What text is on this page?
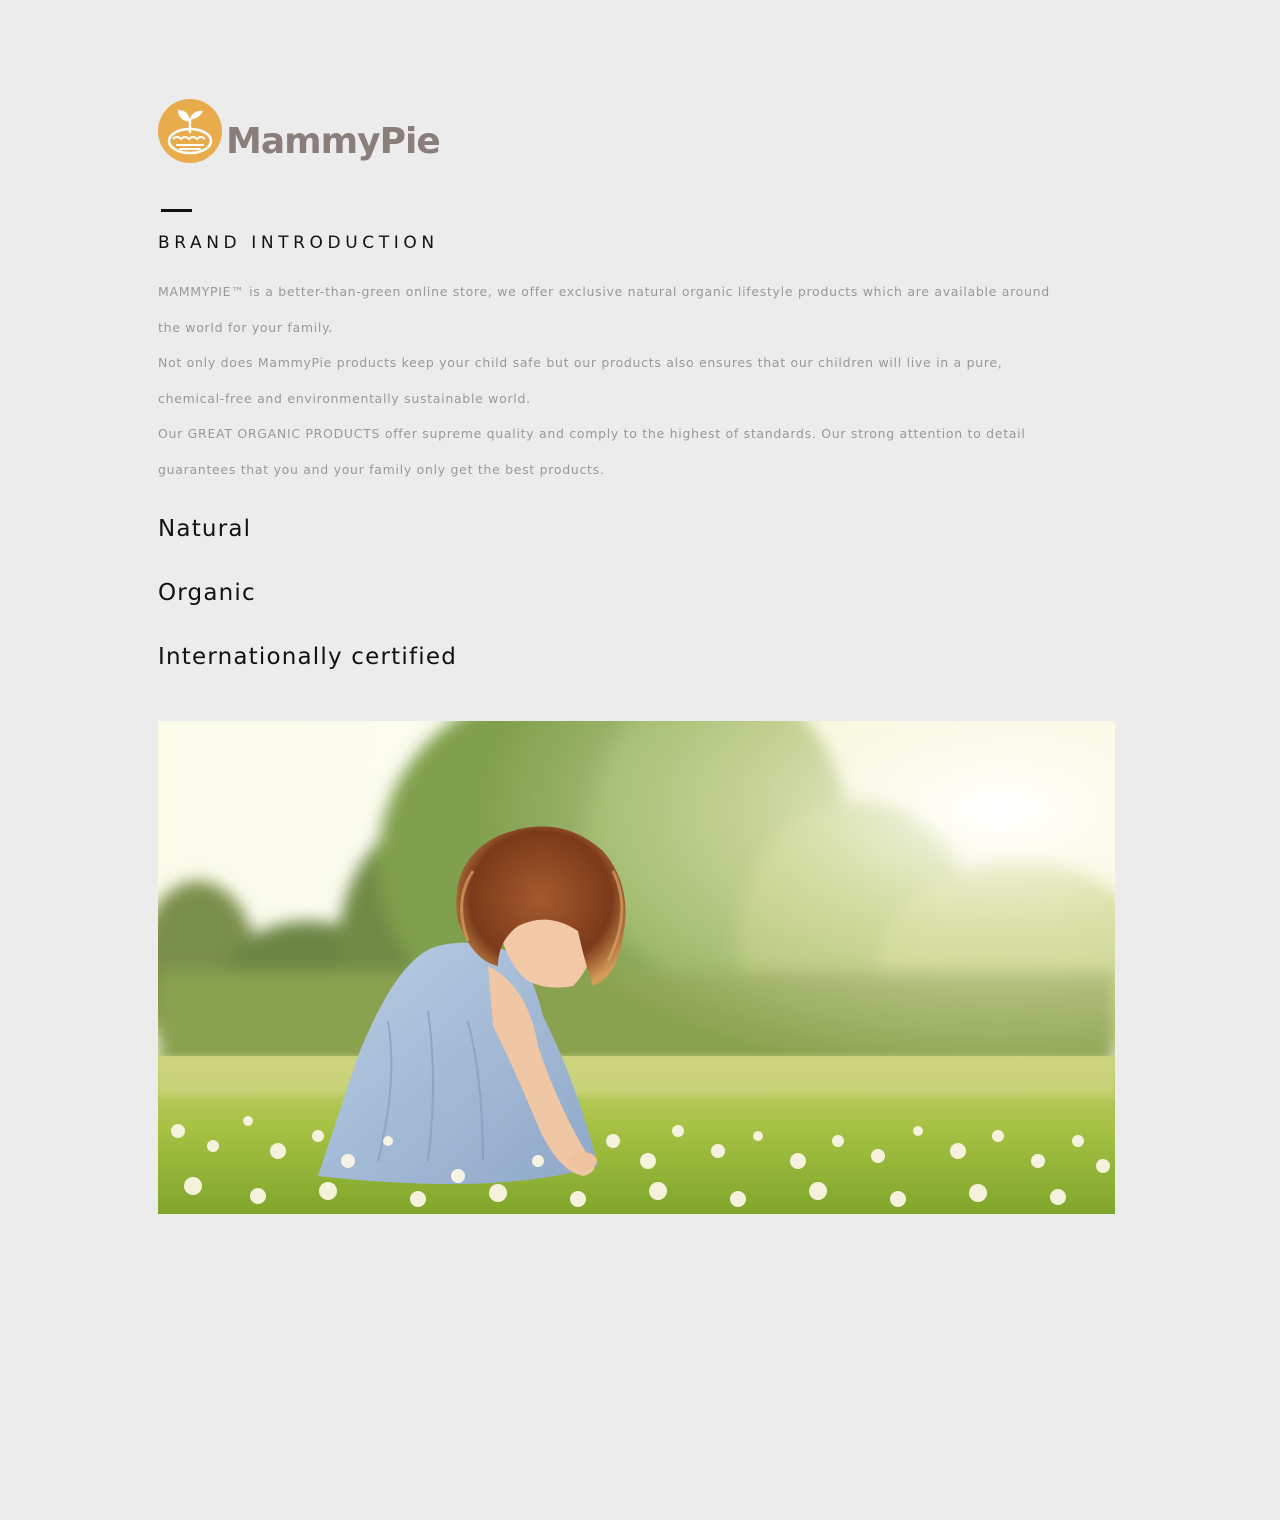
MammyPie
BRAND INTRODUCTION

MAMMYPIE™ is a better-than-green online store, we offer exclusive natural organic lifestyle products which are available around the world for your family.

Not only does MammyPie products keep your child safe but our products also ensures that our children will live in a pure, chemical-free and environmentally sustainable world.

Our GREAT ORGANIC PRODUCTS offer supreme quality and comply to the highest of standards. Our strong attention to detail guarantees that you and your family only get the best products.

Natural
Organic
Internationally certified
